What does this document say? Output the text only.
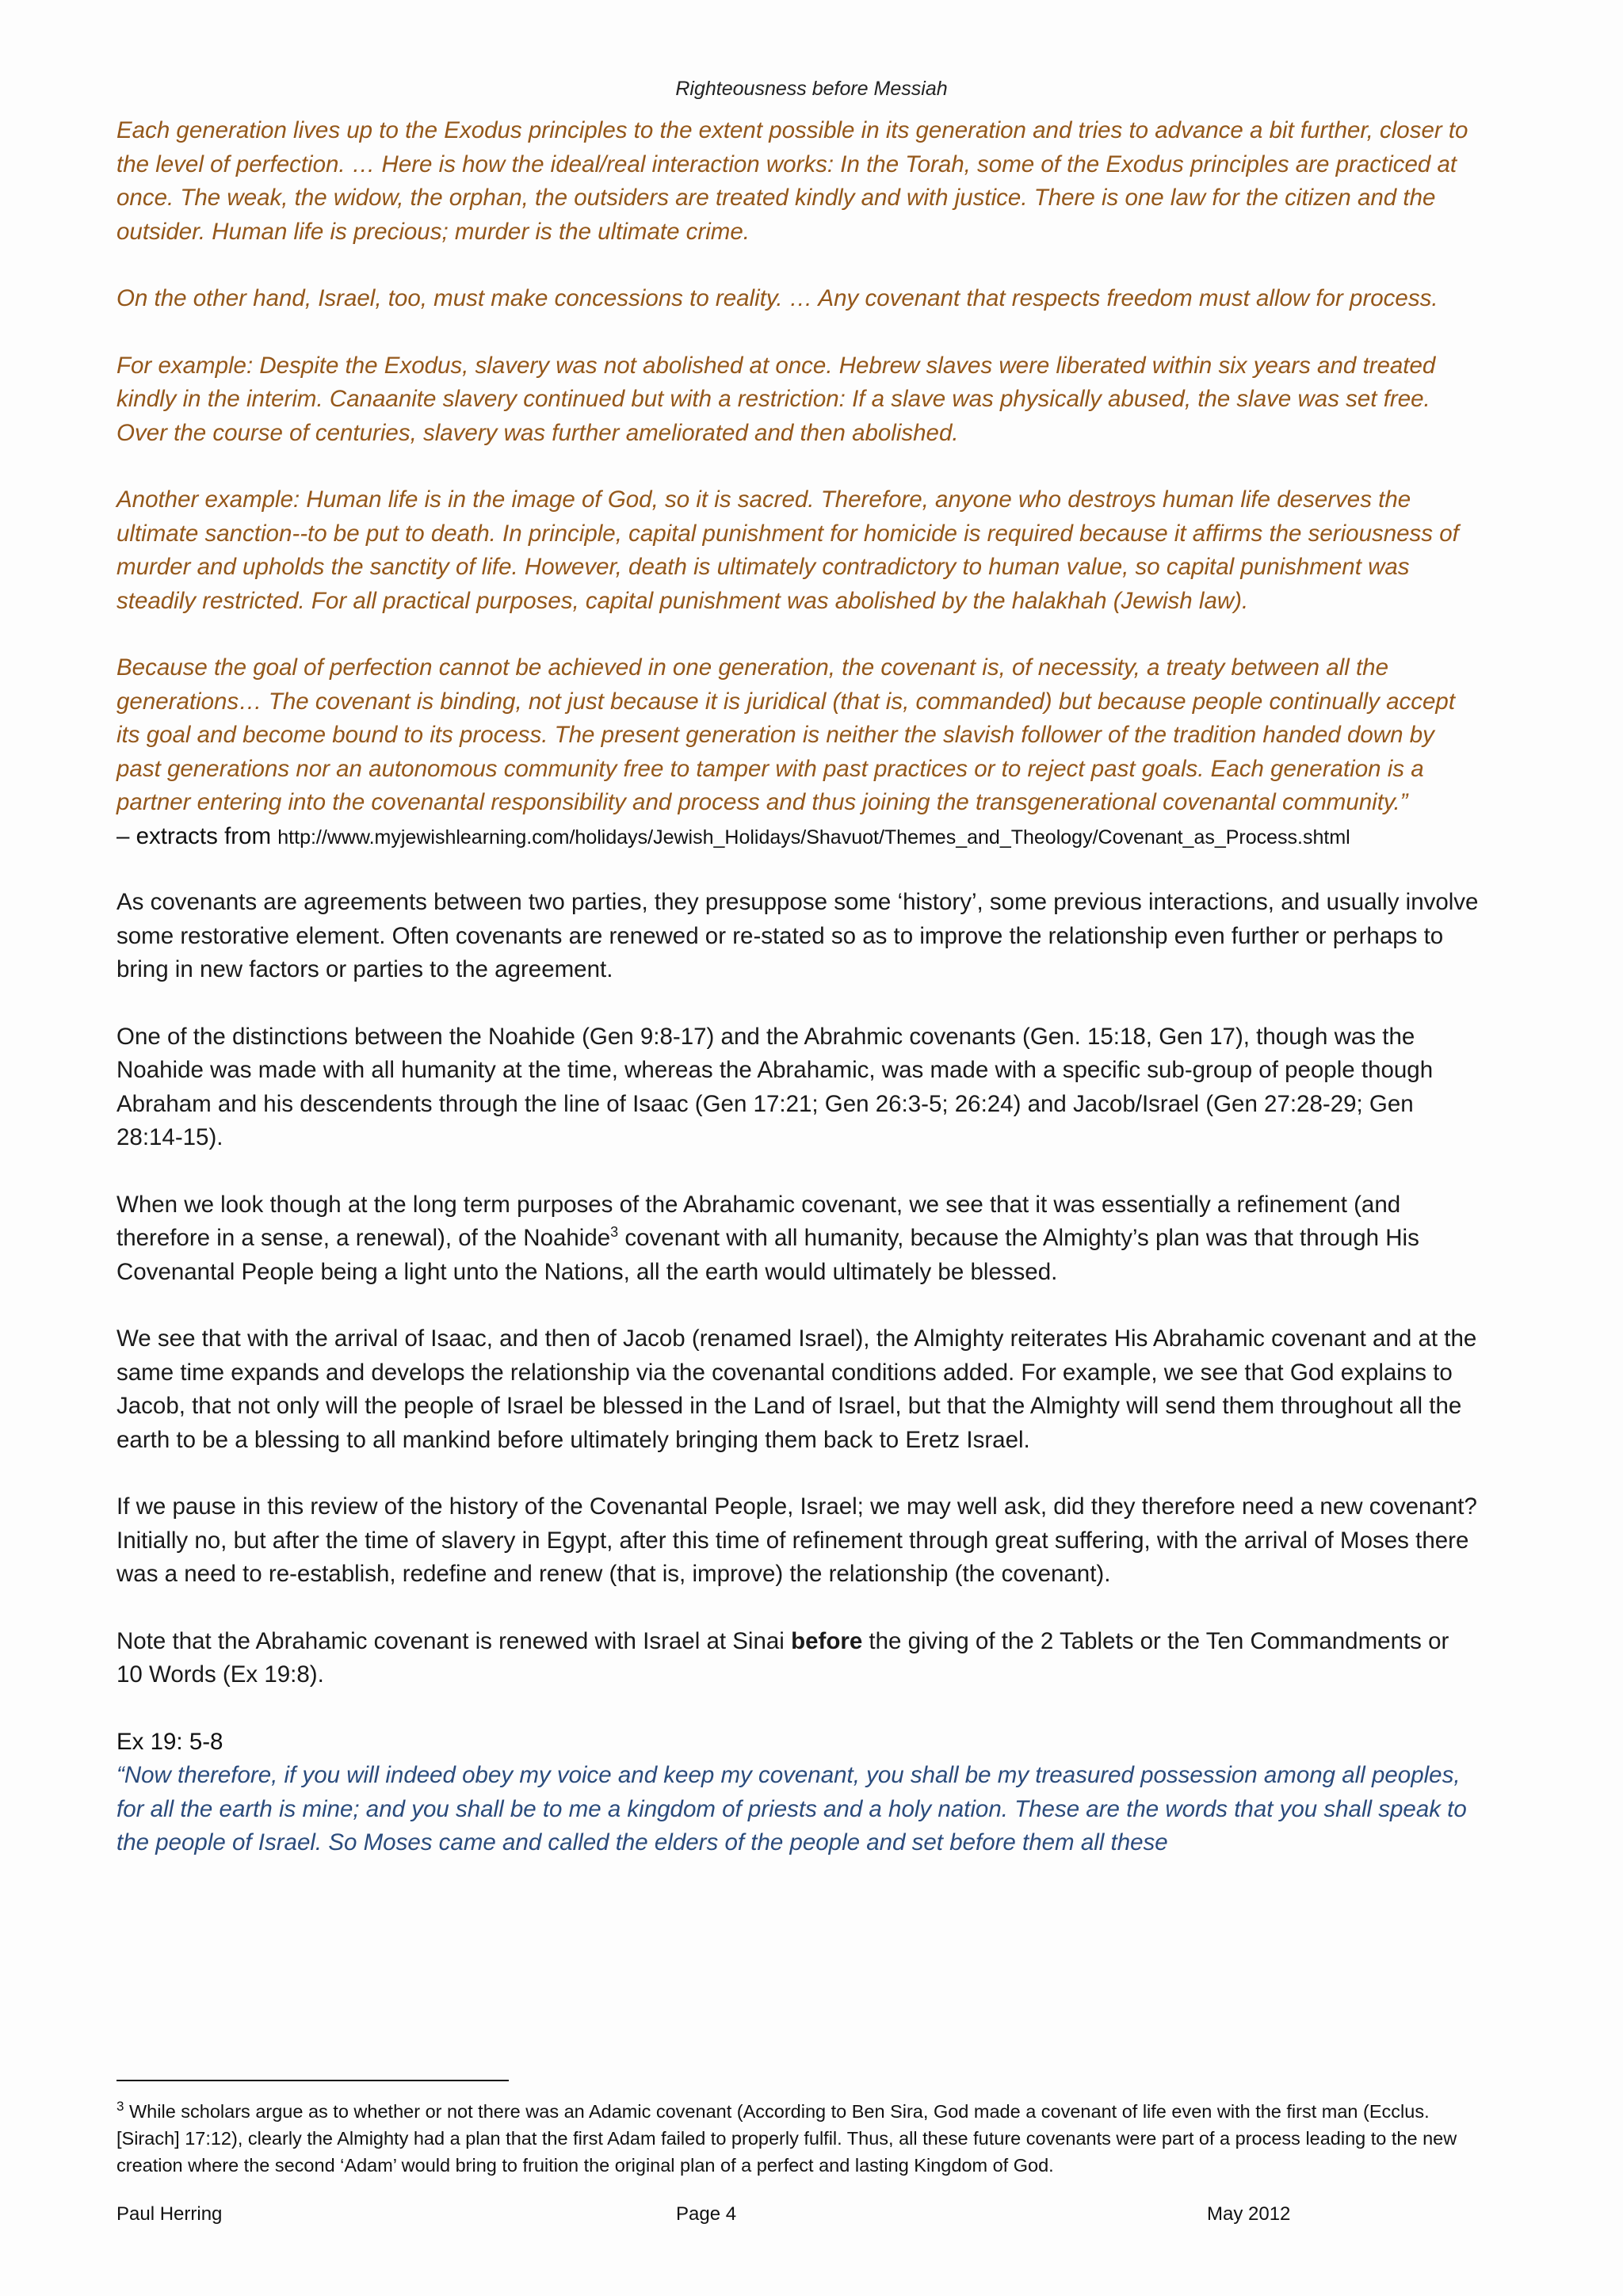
Righteousness before Messiah

Each generation lives up to the Exodus principles to the extent possible in its generation and tries to advance a bit further, closer to the level of perfection. … Here is how the ideal/real interaction works: In the Torah, some of the Exodus principles are practiced at once. The weak, the widow, the orphan, the outsiders are treated kindly and with justice. There is one law for the citizen and the outsider. Human life is precious; murder is the ultimate crime.

On the other hand, Israel, too, must make concessions to reality. … Any covenant that respects freedom must allow for process.

For example: Despite the Exodus, slavery was not abolished at once. Hebrew slaves were liberated within six years and treated kindly in the interim. Canaanite slavery continued but with a restriction: If a slave was physically abused, the slave was set free. Over the course of centuries, slavery was further ameliorated and then abolished.

Another example: Human life is in the image of God, so it is sacred. Therefore, anyone who destroys human life deserves the ultimate sanction--to be put to death. In principle, capital punishment for homicide is required because it affirms the seriousness of murder and upholds the sanctity of life. However, death is ultimately contradictory to human value, so capital punishment was steadily restricted. For all practical purposes, capital punishment was abolished by the halakhah (Jewish law).

Because the goal of perfection cannot be achieved in one generation, the covenant is, of necessity, a treaty between all the generations… The covenant is binding, not just because it is juridical (that is, commanded) but because people continually accept its goal and become bound to its process. The present generation is neither the slavish follower of the tradition handed down by past generations nor an autonomous community free to tamper with past practices or to reject past goals. Each generation is a partner entering into the covenantal responsibility and process and thus joining the transgenerational covenantal community.”

– extracts from http://www.myjewishlearning.com/holidays/Jewish_Holidays/Shavuot/Themes_and_Theology/Covenant_as_Process.shtml

As covenants are agreements between two parties, they presuppose some ‘history’, some previous interactions, and usually involve some restorative element. Often covenants are renewed or re-stated so as to improve the relationship even further or perhaps to bring in new factors or parties to the agreement.

One of the distinctions between the Noahide (Gen 9:8-17) and the Abrahmic covenants (Gen. 15:18, Gen 17), though was the Noahide was made with all humanity at the time, whereas the Abrahamic, was made with a specific sub-group of people though Abraham and his descendents through the line of Isaac (Gen 17:21; Gen 26:3-5; 26:24) and Jacob/Israel (Gen 27:28-29; Gen 28:14-15).

When we look though at the long term purposes of the Abrahamic covenant, we see that it was essentially a refinement (and therefore in a sense, a renewal), of the Noahide$^3$ covenant with all humanity, because the Almighty’s plan was that through His Covenantal People being a light unto the Nations, all the earth would ultimately be blessed.

We see that with the arrival of Isaac, and then of Jacob (renamed Israel), the Almighty reiterates His Abrahamic covenant and at the same time expands and develops the relationship via the covenantal conditions added. For example, we see that God explains to Jacob, that not only will the people of Israel be blessed in the Land of Israel, but that the Almighty will send them throughout all the earth to be a blessing to all mankind before ultimately bringing them back to Eretz Israel.

If we pause in this review of the history of the Covenantal People, Israel; we may well ask, did they therefore need a new covenant? Initially no, but after the time of slavery in Egypt, after this time of refinement through great suffering, with the arrival of Moses there was a need to re-establish, redefine and renew (that is, improve) the relationship (the covenant).

Note that the Abrahamic covenant is renewed with Israel at Sinai before the giving of the 2 Tablets or the Ten Commandments or 10 Words (Ex 19:8).

Ex 19: 5-8
“Now therefore, if you will indeed obey my voice and keep my covenant, you shall be my treasured possession among all peoples, for all the earth is mine; and you shall be to me a kingdom of priests and a holy nation. These are the words that you shall speak to the people of Israel. So Moses came and called the elders of the people and set before them all these

$^3$ While scholars argue as to whether or not there was an Adamic covenant (According to Ben Sira, God made a covenant of life even with the first man (Ecclus. [Sirach] 17:12), clearly the Almighty had a plan that the first Adam failed to properly fulfil. Thus, all these future covenants were part of a process leading to the new creation where the second ‘Adam’ would bring to fruition the original plan of a perfect and lasting Kingdom of God.
Paul Herring	Page 4	May 2012
